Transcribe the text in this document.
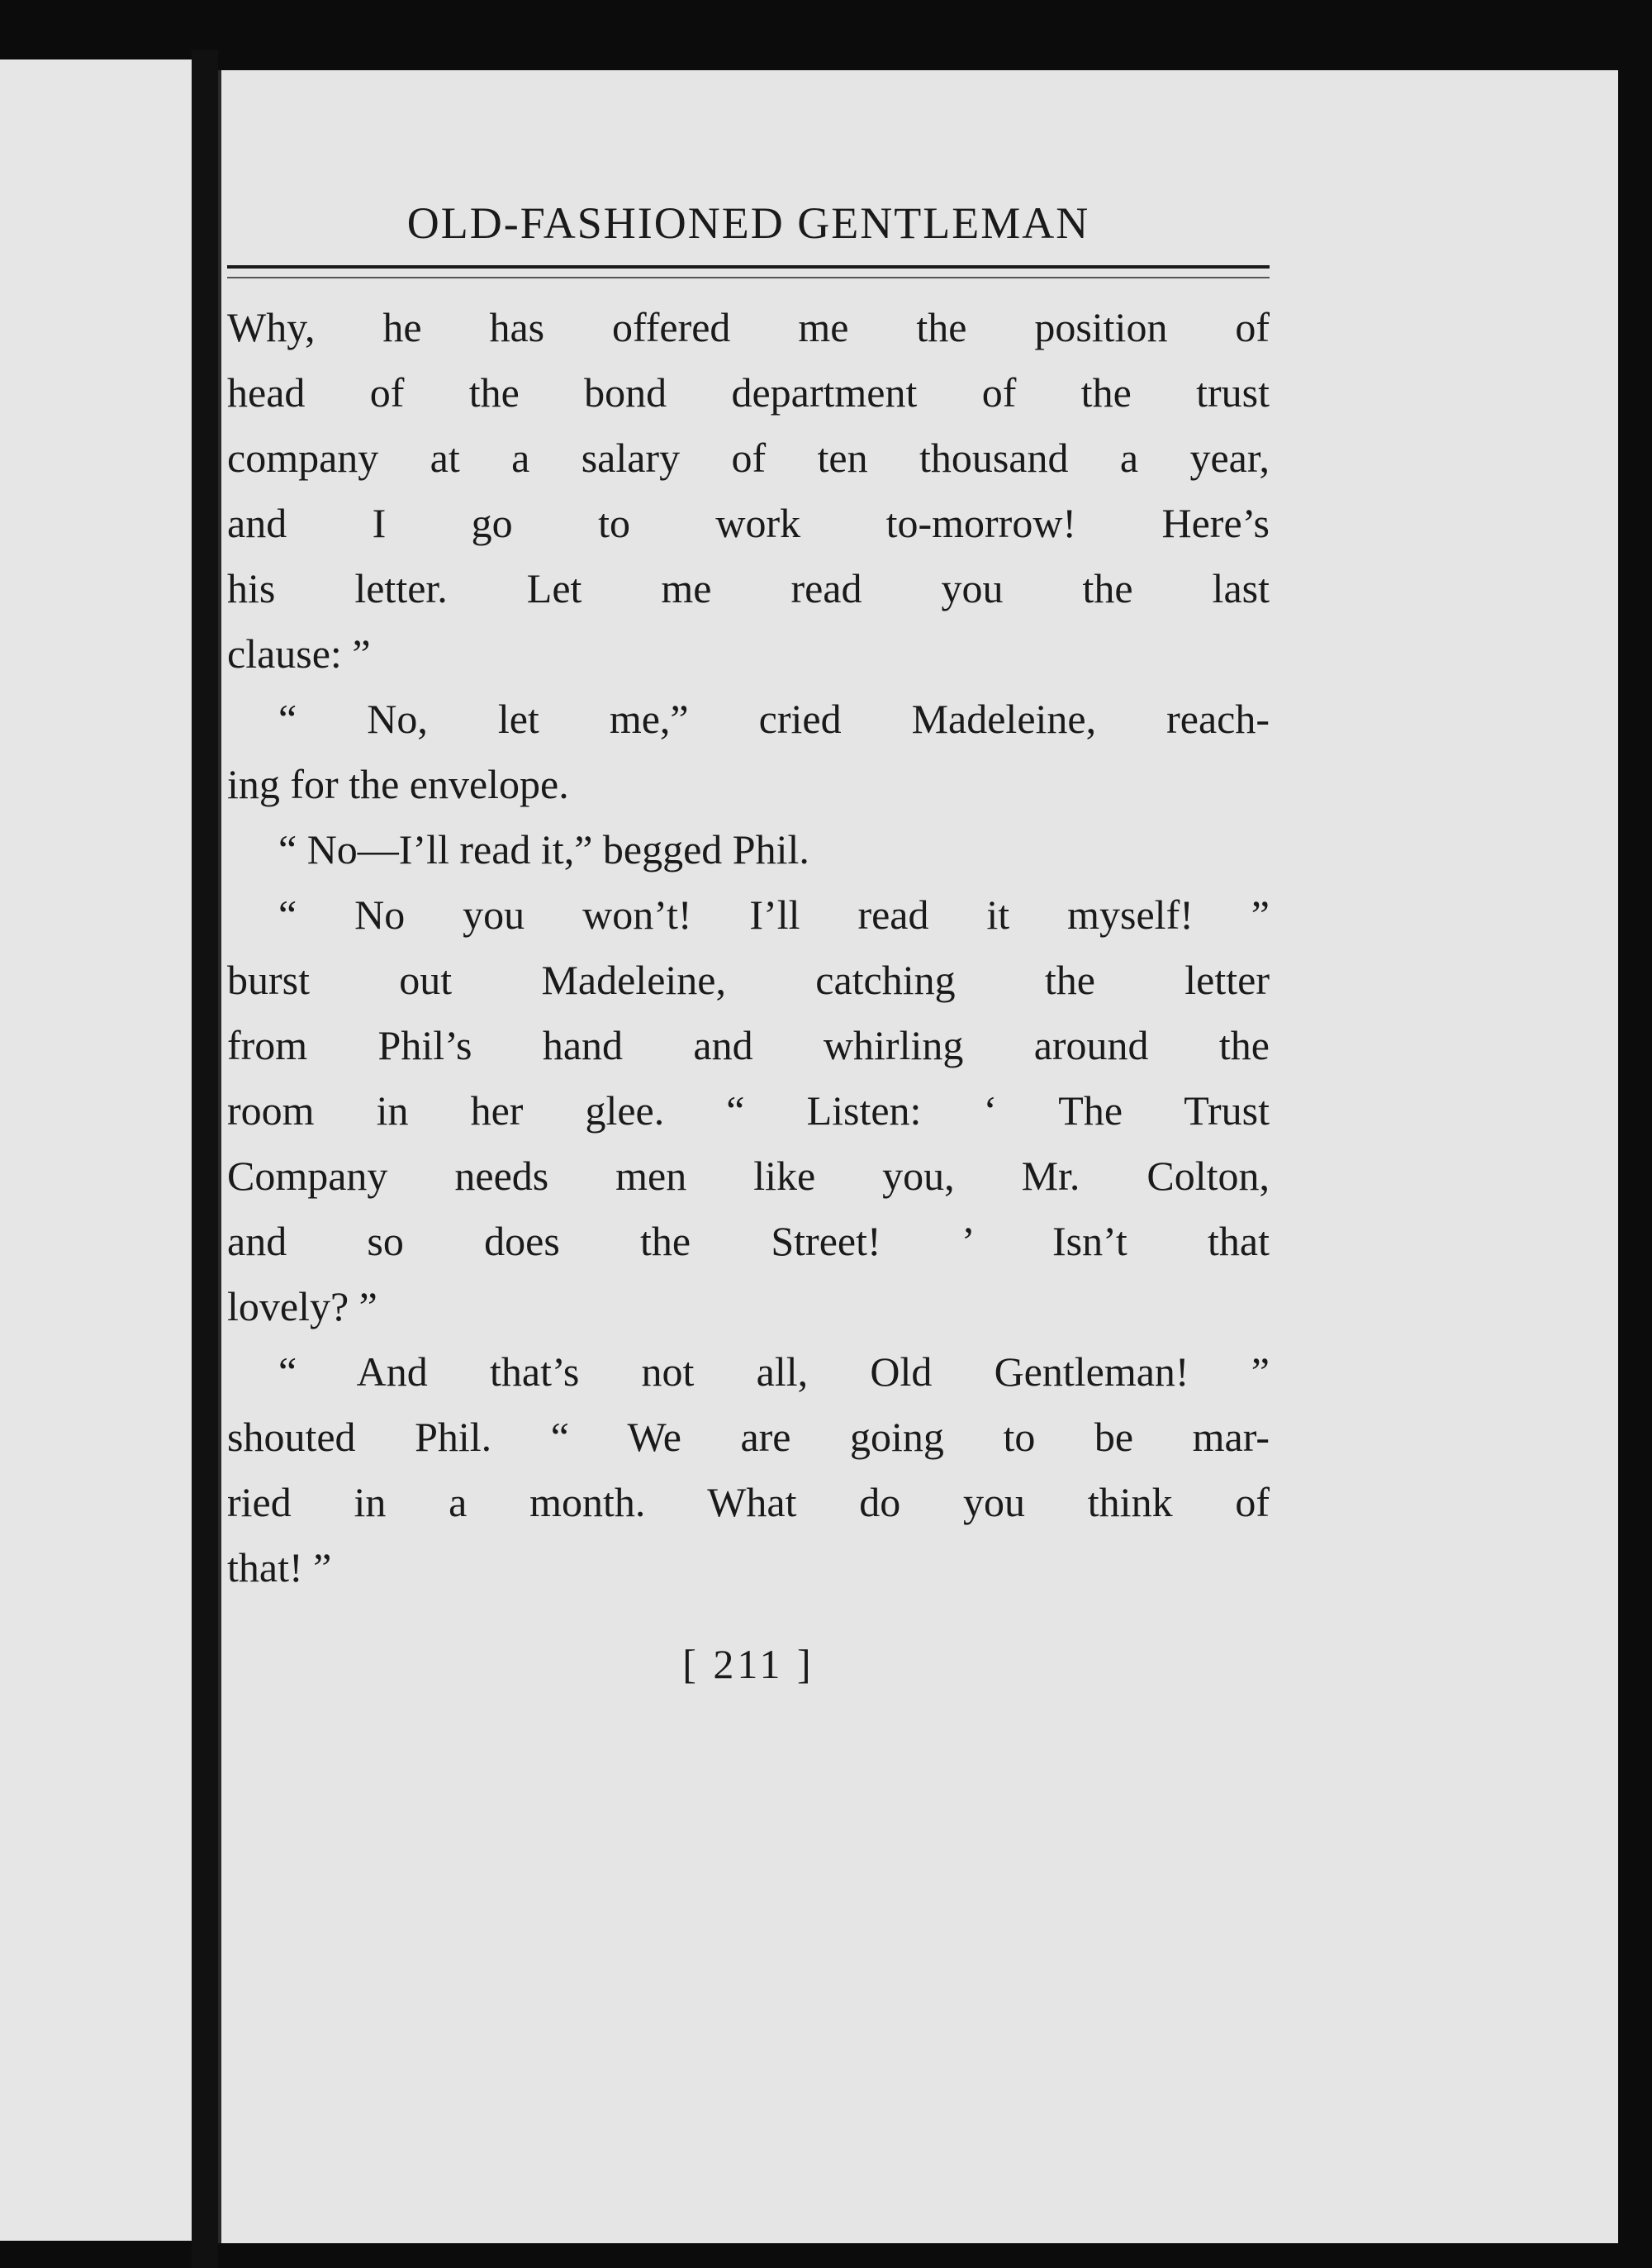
OLD-FASHIONED GENTLEMAN
Why, he has offered me the position of
head of the bond department of the trust
company at a salary of ten thousand a year,
and I go to work to-morrow! Here’s
his letter. Let me read you the last
clause: ”
“ No, let me,” cried Madeleine, reach-
ing for the envelope.
“ No—I’ll read it,” begged Phil.
“ No you won’t! I’ll read it myself! ”
burst out Madeleine, catching the letter
from Phil’s hand and whirling around the
room in her glee. “ Listen: ‘ The Trust
Company needs men like you, Mr. Colton,
and so does the Street! ’ Isn’t that
lovely? ”
“ And that’s not all, Old Gentleman! ”
shouted Phil. “ We are going to be mar-
ried in a month. What do you think of
that! ”
[ 211 ]
